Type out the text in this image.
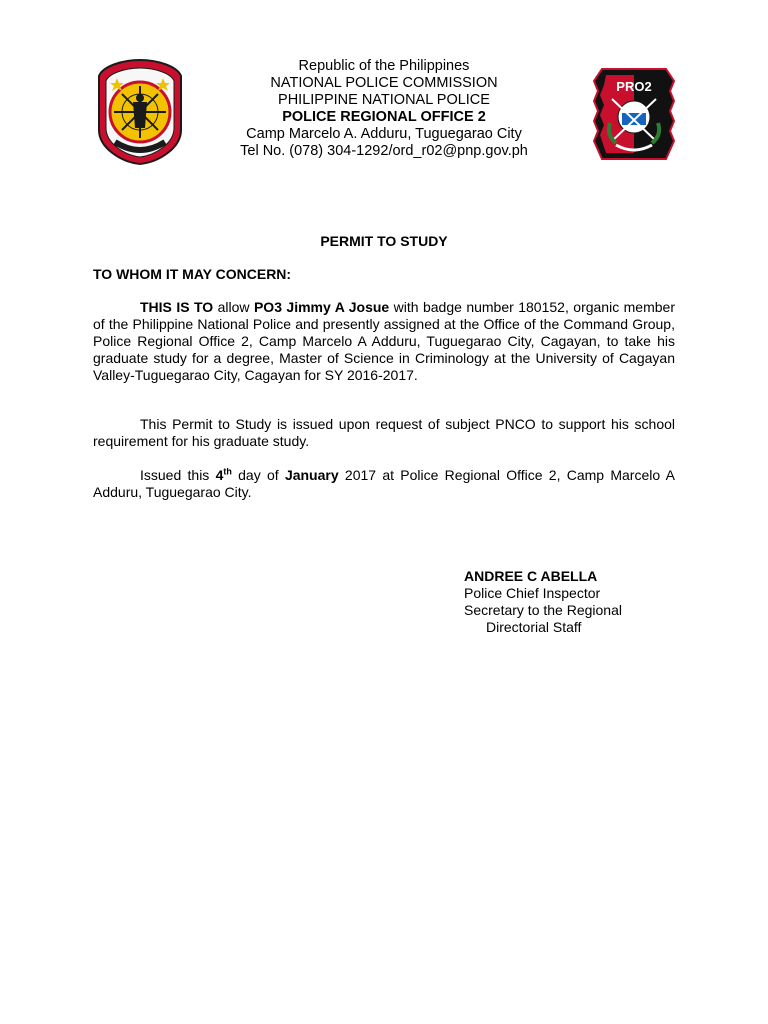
PRO2
Republic of the Philippines
NATIONAL POLICE COMMISSION
PHILIPPINE NATIONAL POLICE
POLICE REGIONAL OFFICE 2
Camp Marcelo A. Adduru, Tuguegarao City
Tel No. (078) 304-1292/ord_r02@pnp.gov.ph
PERMIT TO STUDY
TO WHOM IT MAY CONCERN:
THIS IS TO allow PO3 Jimmy A Josue with badge number 180152, organic member of the Philippine National Police and presently assigned at the Office of the Command Group, Police Regional Office 2, Camp Marcelo A Adduru, Tuguegarao City, Cagayan, to take his graduate study for a degree, Master of Science in Criminology at the University of Cagayan Valley-Tuguegarao City, Cagayan for SY 2016-2017.
This Permit to Study is issued upon request of subject PNCO to support his school requirement for his graduate study.
Issued this 4th day of January 2017 at Police Regional Office 2, Camp Marcelo A Adduru, Tuguegarao City.
ANDREE C ABELLA
Police Chief Inspector
Secretary to the Regional
Directorial Staff
